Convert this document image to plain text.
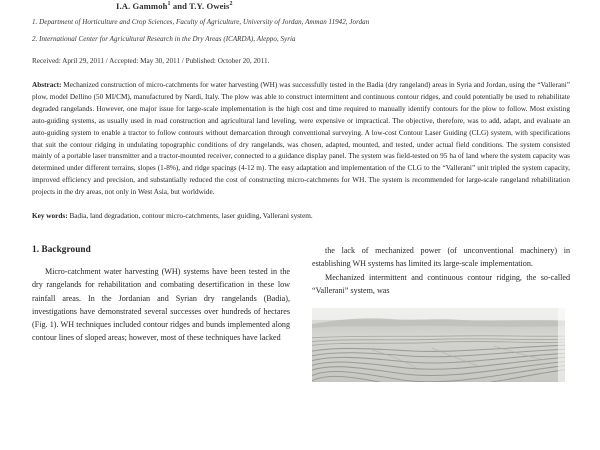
I.A. Gammoh$^1$ and T.Y. Oweis$^2$

1. Department of Horticulture and Crop Sciences, Faculty of Agriculture, University of Jordan, Amman 11942, Jordan

2. International Center for Agricultural Research in the Dry Areas (ICARDA), Aleppo, Syria

Received: April 29, 2011 / Accepted: May 30, 2011 / Published: October 20, 2011.

Abstract: Mechanized construction of micro-catchments for water harvesting (WH) was successfully tested in the Badia (dry rangeland) areas in Syria and Jordan, using the “Vallerani” plow, model Dellino (50 MI/CM), manufactured by Nardi, Italy. The plow was able to construct intermittent and continuous contour ridges, and could potentially be used to rehabilitate degraded rangelands. However, one major issue for large-scale implementation is the high cost and time required to manually identify contours for the plow to follow. Most existing auto-guiding systems, as usually used in road construction and agricultural land leveling, were expensive or impractical. The objective, therefore, was to add, adapt, and evaluate an auto-guiding system to enable a tractor to follow contours without demarcation through conventional surveying. A low-cost Contour Laser Guiding (CLG) system, with specifications that suit the contour ridging in undulating topographic conditions of dry rangelands, was chosen, adapted, mounted, and tested, under actual field conditions. The system consisted mainly of a portable laser transmitter and a tractor-mounted receiver, connected to a guidance display panel. The system was field-tested on 95 ha of land where the system capacity was determined under different terrains, slopes (1-8%), and ridge spacings (4-12 m). The easy adaptation and implementation of the CLG to the “Vallerani” unit tripled the system capacity, improved efficiency and precision, and substantially reduced the cost of constructing micro-catchments for WH. The system is recommended for large-scale rangeland rehabilitation projects in the dry areas, not only in West Asia, but worldwide.

Key words: Badia, land degradation, contour micro-catchments, laser guiding, Vallerani system.

1. Background

Micro-catchment water harvesting (WH) systems have been tested in the dry rangelands for rehabilitation and combating desertification in these low rainfall areas. In the Jordanian and Syrian dry rangelands (Badia), investigations have demonstrated several successes over hundreds of hectares (Fig. 1). WH techniques included contour ridges and bunds implemented along contour lines of sloped areas; however, most of these techniques have lacked

the lack of mechanized power (of unconventional machinery) in establishing WH systems has limited its large-scale implementation.

Mechanized intermittent and continuous contour ridging, the so-called “Vallerani” system, was
